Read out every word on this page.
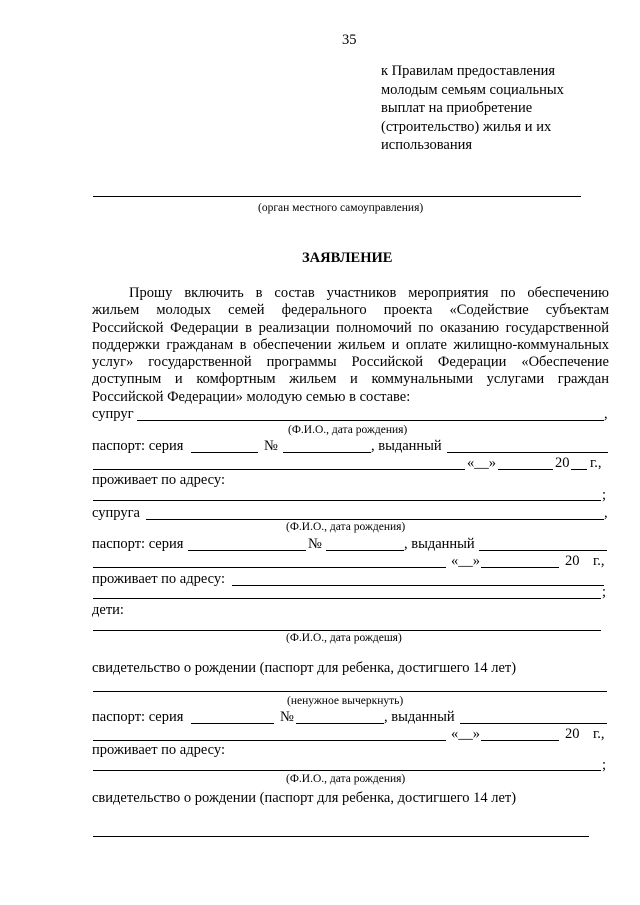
35
к Правилам предоставления
молодым семьям социальных
выплат на приобретение
(строительство) жилья и их
использования
(орган местного самоуправления)
ЗАЯВЛЕНИЕ
Прошу включить в состав участников мероприятия по обеспечению
жильем молодых семей федерального проекта «Содействие субъектам
Российской Федерации в реализации полномочий по оказанию государственной
поддержки гражданам в обеспечении жильем и оплате жилищно-коммунальных
услуг» государственной программы Российской Федерации «Обеспечение
доступным и комфортным жильем и коммунальными услугами граждан
Российской Федерации» молодую семью в составе:
супруг	,
(Ф.И.О., дата рождения)
паспорт: серия	№	, выданный
«__»	20 г.,
проживает по адресу:
;
супруга	,
(Ф.И.О., дата рождения)
паспорт: серия	№	, выданный
«__»	20 г.,
проживает по адресу:
;
дети:
(Ф.И.О., дата рождешя)
свидетельство о рождении (паспорт для ребенка, достигшего 14 лет)
(ненужное вычеркнуть)
паспорт: серия	№	, выданный
«__»	20 г.,
проживает по адресу:
;
(Ф.И.О., дата рождения)
свидетельство о рождении (паспорт для ребенка, достигшего 14 лет)
